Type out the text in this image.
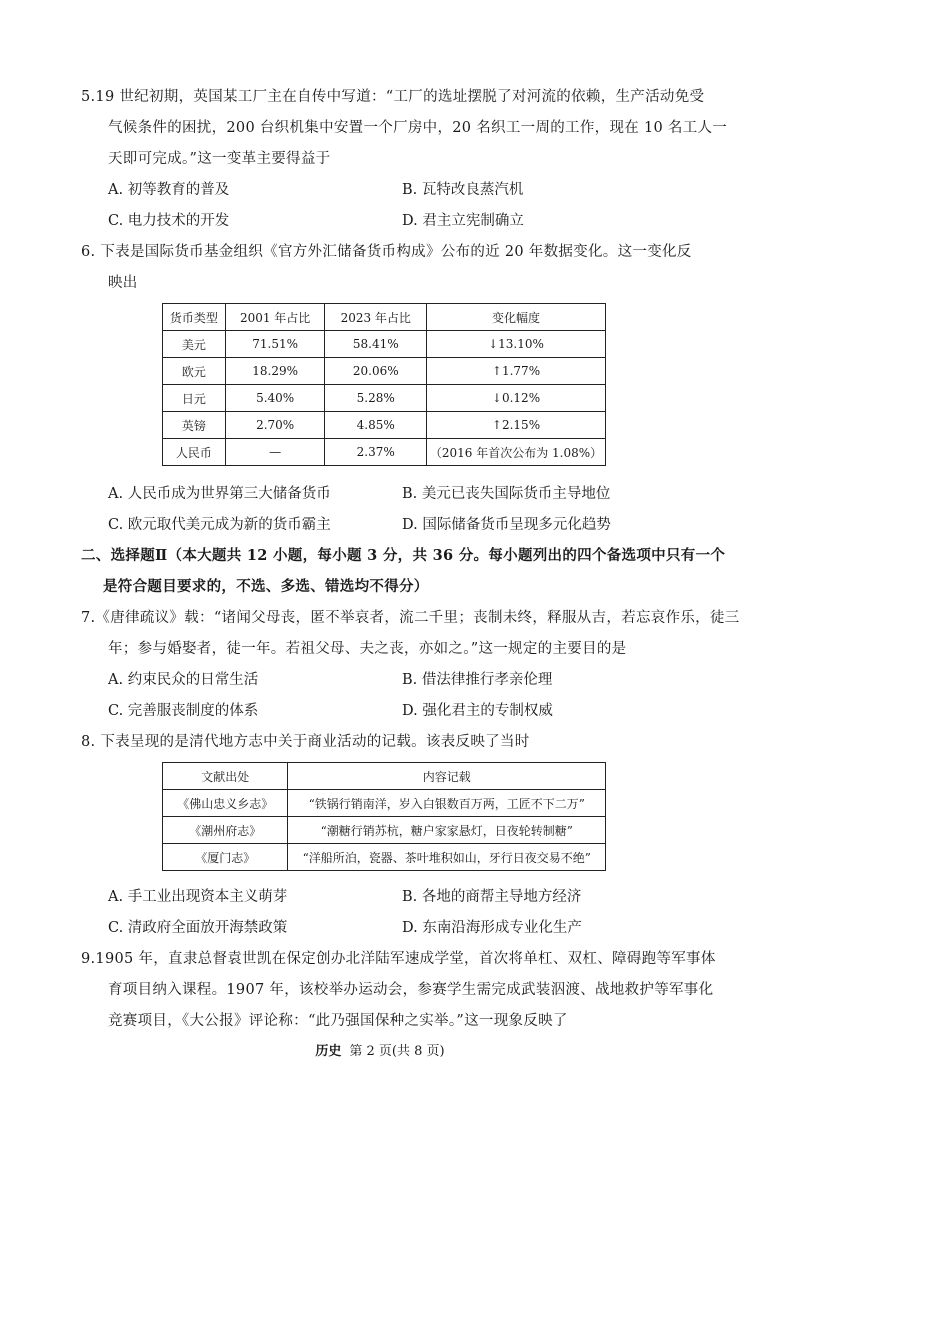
5.19 世纪初期，英国某工厂主在自传中写道：“工厂的选址摆脱了对河流的依赖，生产活动免受
气候条件的困扰，200 台织机集中安置一个厂房中，20 名织工一周的工作，现在 10 名工人一
天即可完成。”这一变革主要得益于
A. 初等教育的普及	B. 瓦特改良蒸汽机
C. 电力技术的开发	D. 君主立宪制确立
6. 下表是国际货币基金组织《官方外汇储备货币构成》公布的近 20 年数据变化。这一变化反
映出
货币类型	2001 年占比	2023 年占比	变化幅度
美元	71.51%	58.41%	↓13.10%
欧元	18.29%	20.06%	↑1.77%
日元	5.40%	5.28%	↓0.12%
英镑	2.70%	4.85%	↑2.15%
人民币	—	2.37%	（2016 年首次公布为 1.08%）
A. 人民币成为世界第三大储备货币	B. 美元已丧失国际货币主导地位
C. 欧元取代美元成为新的货币霸主	D. 国际储备货币呈现多元化趋势
二、选择题Ⅱ（本大题共 12 小题，每小题 3 分，共 36 分。每小题列出的四个备选项中只有一个
是符合题目要求的，不选、多选、错选均不得分）
7.《唐律疏议》载：“诸闻父母丧，匿不举哀者，流二千里；丧制未终，释服从吉，若忘哀作乐，徒三
年；参与婚娶者，徒一年。若祖父母、夫之丧，亦如之。”这一规定的主要目的是
A. 约束民众的日常生活	B. 借法律推行孝亲伦理
C. 完善服丧制度的体系	D. 强化君主的专制权威
8. 下表呈现的是清代地方志中关于商业活动的记载。该表反映了当时
文献出处	内容记载
《佛山忠义乡志》	“铁锅行销南洋，岁入白银数百万两，工匠不下二万”
《潮州府志》	“潮糖行销苏杭，糖户家家悬灯，日夜轮转制糖”
《厦门志》	“洋船所泊，瓷器、茶叶堆积如山，牙行日夜交易不绝”
A. 手工业出现资本主义萌芽	B. 各地的商帮主导地方经济
C. 清政府全面放开海禁政策	D. 东南沿海形成专业化生产
9.1905 年，直隶总督袁世凯在保定创办北洋陆军速成学堂，首次将单杠、双杠、障碍跑等军事体
育项目纳入课程。1907 年，该校举办运动会，参赛学生需完成武装泅渡、战地救护等军事化
竞赛项目，《大公报》评论称：“此乃强国保种之实举。”这一现象反映了
历史 第 2 页(共 8 页)
